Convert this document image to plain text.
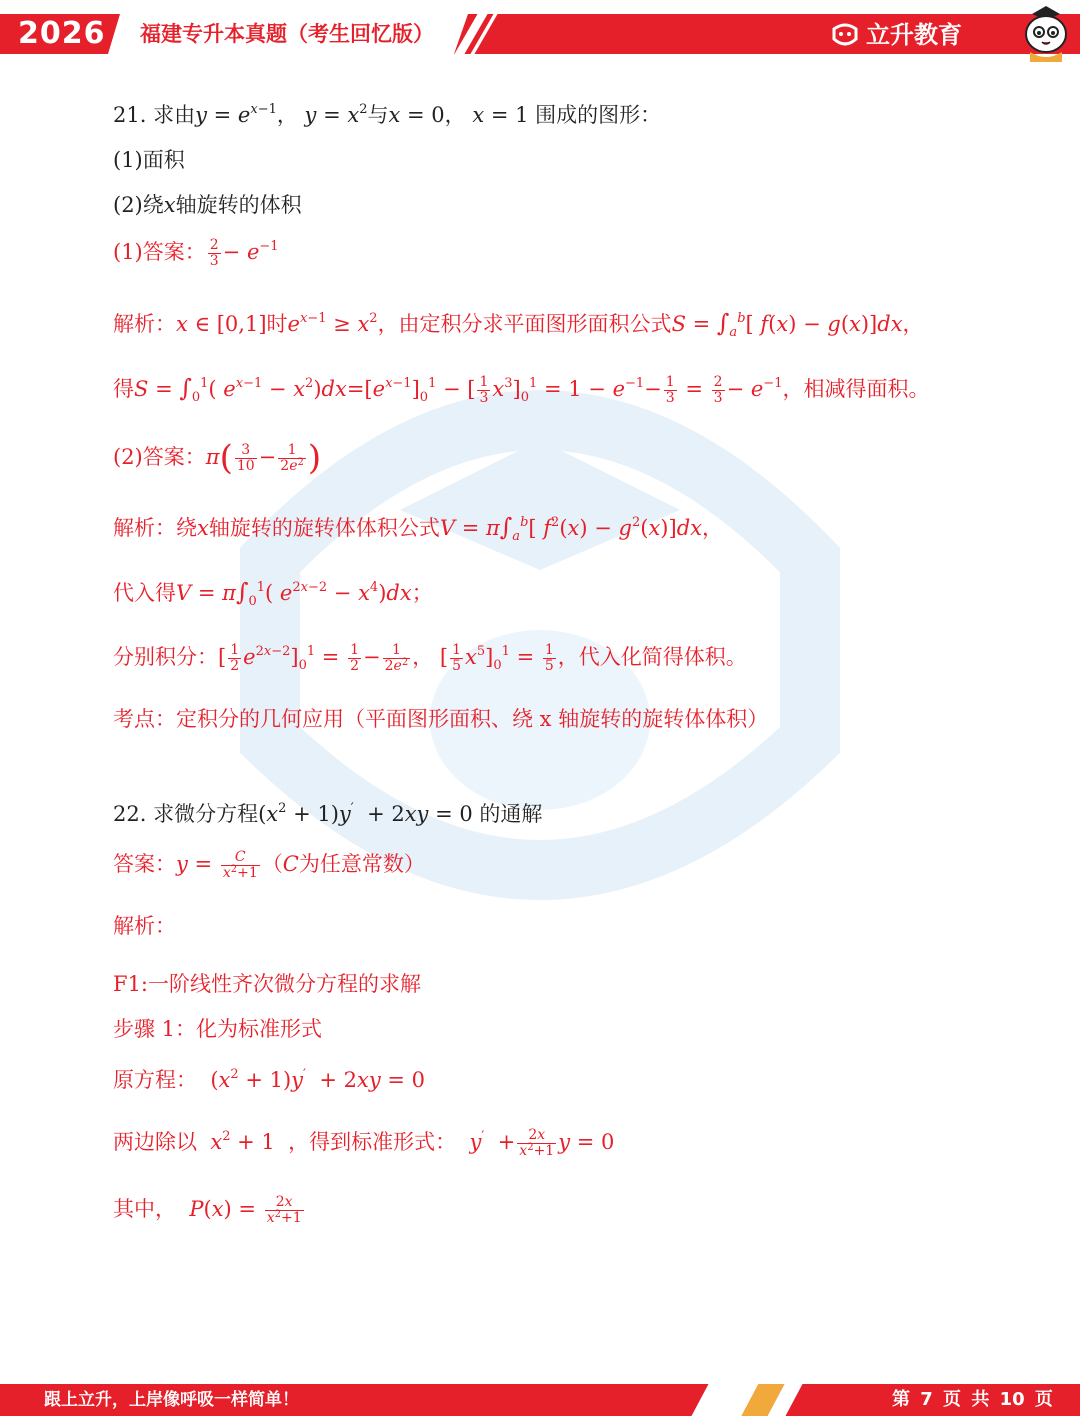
2026 福建专升本真题（考生回忆版）	立升教育
21. 求由$y = e^{x-1}$， $y = x^2$与x = 0， x = 1 围成的图形：
(1)面积
(2)绕x轴旋转的体积
(1)答案： $\frac{2}{3} - e^{-1}$
解析：x ∈ [0,1]时$e^{x-1} \ge x^2$，由定积分求平面图形面积公式$S = \int_a^b$[ f(x) − g(x)]dx，
得$S = \int_0^1$( $e^{x-1} - x^2)dx=[e^{x-1}]_0^1$ − [ $\frac{1}{3} x^3]_0^1 = 1 - e^{-1}- \frac{1}{3} = \frac{2}{3} - e^{-1}$，相减得面积。
(2)答案：$\pi( \frac{3}{10} - \frac{1}{2e^2}$ )
解析：绕x轴旋转的旋转体体积公式$V = \pi\int_a^b$[ $f^2(x) - g^2(x)]dx$，
代入得$V = \pi\int_0^1$( $e^{2x-2} - x^4)dx$；
分别积分：[ $\frac{1}{2} e^{2x-2}]_0^1 = \frac{1}{2} - \frac{1}{2e^2}$ ， [ $\frac{1}{5} x^5]_0^1 = \frac{1}{5}$ ，代入化简得体积。
考点：定积分的几何应用（平面图形面积、绕 x 轴旋转的旋转体体积）
22. 求微分方程$(x^2 + 1)y' + 2xy = 0$ 的通解
答案：$y = \frac{C}{x^2+1} (C$为任意常数）
解析：
F1:一阶线性齐次微分方程的求解
步骤 1：化为标准形式
原方程：  $(x^2 + 1)y' + 2xy = 0$
两边除以 $x^2 + 1$  ，得到标准形式： $y' + \frac{2x}{x^2+1}$ y = 0
其中， $P(x) = \frac{2x}{x^2+1}$
跟上立升，上岸像呼吸一样简单！	第 7 页 共 10 页
